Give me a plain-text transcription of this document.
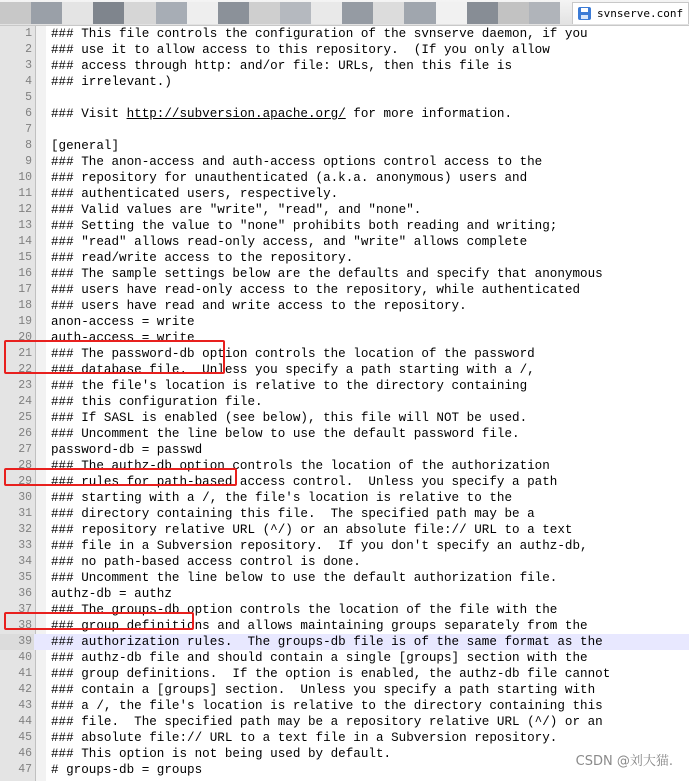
svnserve.conf
1 ### This file controls the configuration of the svnserve daemon, if you
2 ### use it to allow access to this repository.  (If you only allow
3 ### access through http: and/or file: URLs, then this file is
4 ### irrelevant.)
5
6 ### Visit http://subversion.apache.org/ for more information.
7
8 [general]
9 ### The anon-access and auth-access options control access to the
10 ### repository for unauthenticated (a.k.a. anonymous) users and
11 ### authenticated users, respectively.
12 ### Valid values are "write", "read", and "none".
13 ### Setting the value to "none" prohibits both reading and writing;
14 ### "read" allows read-only access, and "write" allows complete
15 ### read/write access to the repository.
16 ### The sample settings below are the defaults and specify that anonymous
17 ### users have read-only access to the repository, while authenticated
18 ### users have read and write access to the repository.
19 anon-access = write
20 auth-access = write
21 ### The password-db option controls the location of the password
22 ### database file.  Unless you specify a path starting with a /,
23 ### the file's location is relative to the directory containing
24 ### this configuration file.
25 ### If SASL is enabled (see below), this file will NOT be used.
26 ### Uncomment the line below to use the default password file.
27 password-db = passwd
28 ### The authz-db option controls the location of the authorization
29 ### rules for path-based access control.  Unless you specify a path
30 ### starting with a /, the file's location is relative to the
31 ### directory containing this file.  The specified path may be a
32 ### repository relative URL (^/) or an absolute file:// URL to a text
33 ### file in a Subversion repository.  If you don't specify an authz-db,
34 ### no path-based access control is done.
35 ### Uncomment the line below to use the default authorization file.
36 authz-db = authz
37 ### The groups-db option controls the location of the file with the
38 ### group definitions and allows maintaining groups separately from the
39 ### authorization rules.  The groups-db file is of the same format as the
40 ### authz-db file and should contain a single [groups] section with the
41 ### group definitions.  If the option is enabled, the authz-db file cannot
42 ### contain a [groups] section.  Unless you specify a path starting with
43 ### a /, the file's location is relative to the directory containing this
44 ### file.  The specified path may be a repository relative URL (^/) or an
45 ### absolute file:// URL to a text file in a Subversion repository.
46 ### This option is not being used by default.
47 # groups-db = groups
CSDN @刘大猫.
